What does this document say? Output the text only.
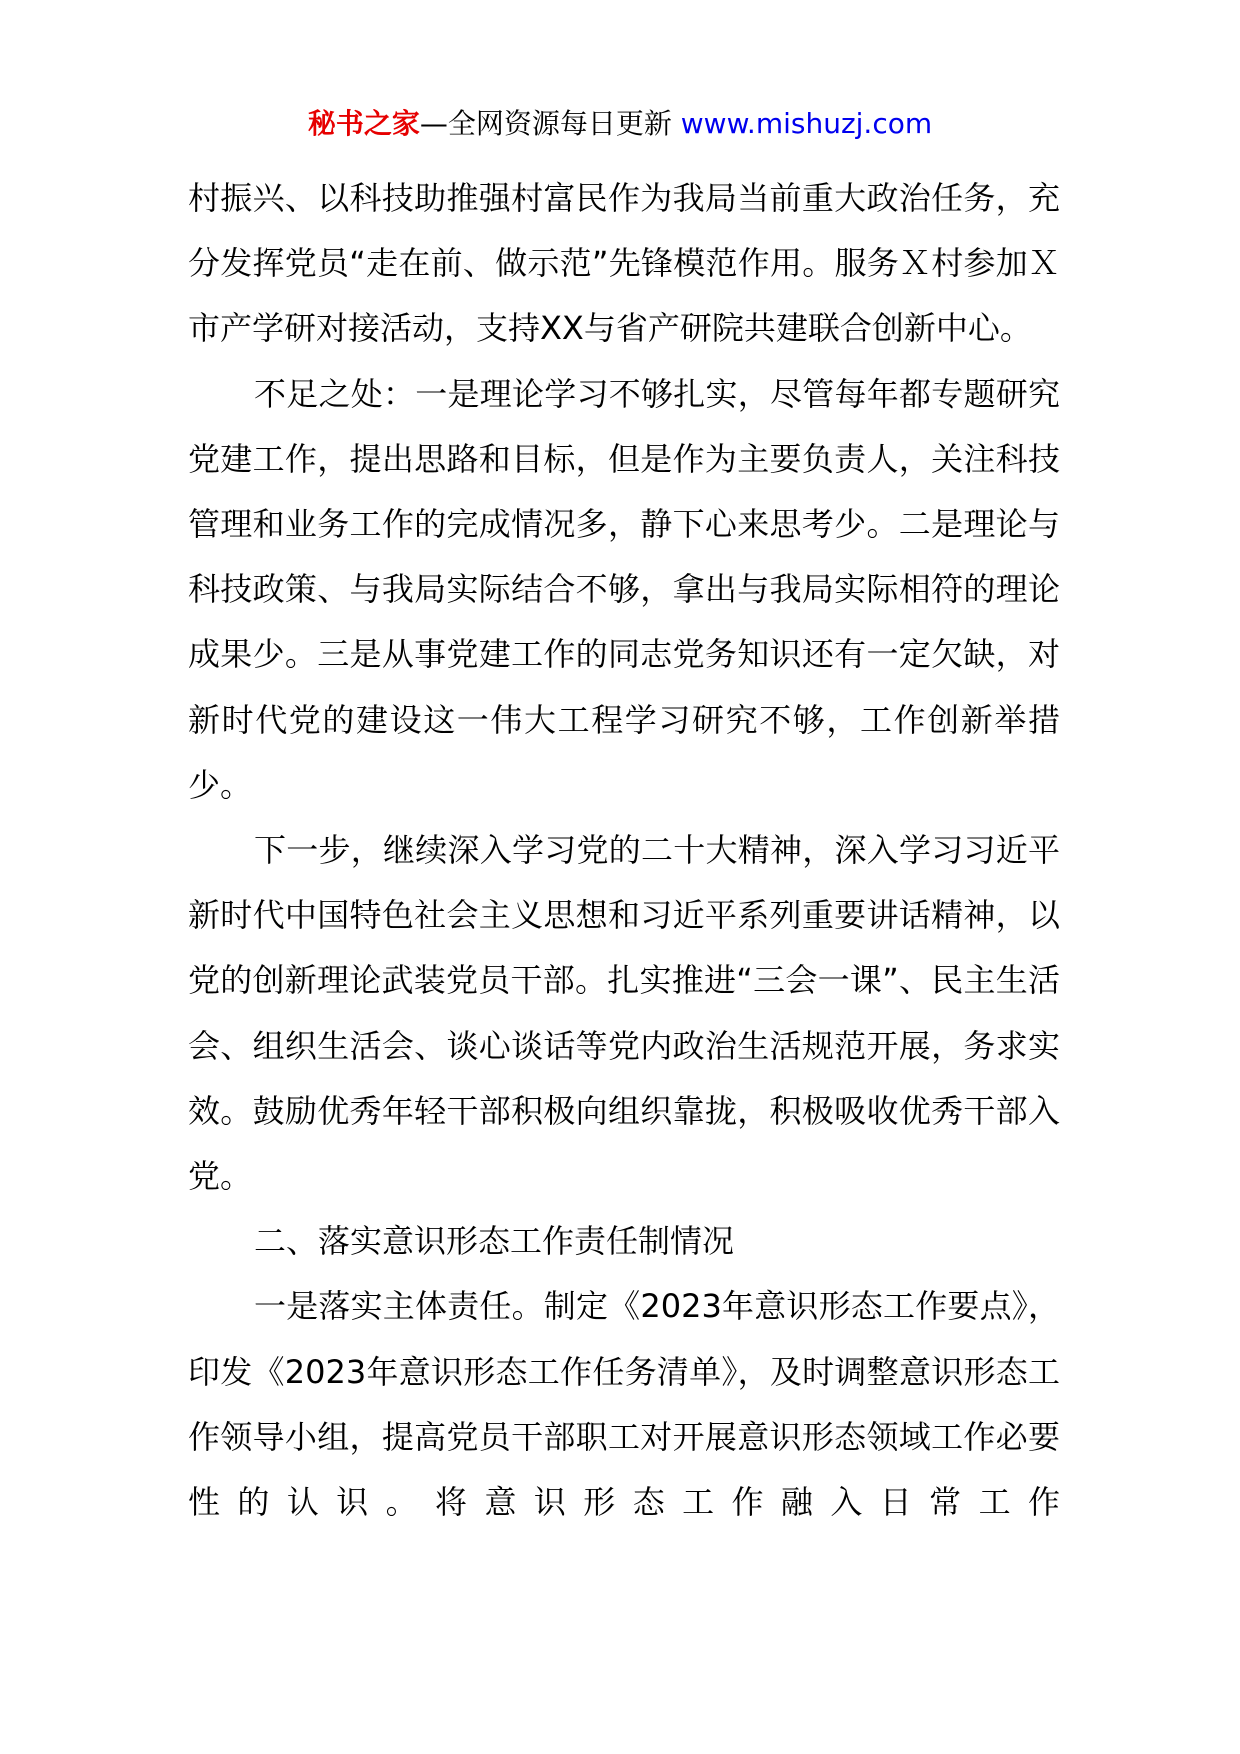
秘书之家—全网资源每日更新 www.mishuzj.com

村振兴、以科技助推强村富民作为我局当前重大政治任务，充分发挥党员“走在前、做示范”先锋模范作用。服务Ｘ村参加Ｘ市产学研对接活动，支持XX与省产研院共建联合创新中心。

不足之处：一是理论学习不够扎实，尽管每年都专题研究党建工作，提出思路和目标，但是作为主要负责人，关注科技管理和业务工作的完成情况多，静下心来思考少。二是理论与科技政策、与我局实际结合不够，拿出与我局实际相符的理论成果少。三是从事党建工作的同志党务知识还有一定欠缺，对新时代党的建设这一伟大工程学习研究不够，工作创新举措少。

下一步，继续深入学习党的二十大精神，深入学习习近平新时代中国特色社会主义思想和习近平系列重要讲话精神，以党的创新理论武装党员干部。扎实推进“三会一课”、民主生活会、组织生活会、谈心谈话等党内政治生活规范开展，务求实效。鼓励优秀年轻干部积极向组织靠拢，积极吸收优秀干部入党。

二、落实意识形态工作责任制情况

一是落实主体责任。制定《2023年意识形态工作要点》，印发《2023年意识形态工作任务清单》，及时调整意识形态工作领导小组，提高党员干部职工对开展意识形态领域工作必要性的认识。将意识形态工作融入日常工作
